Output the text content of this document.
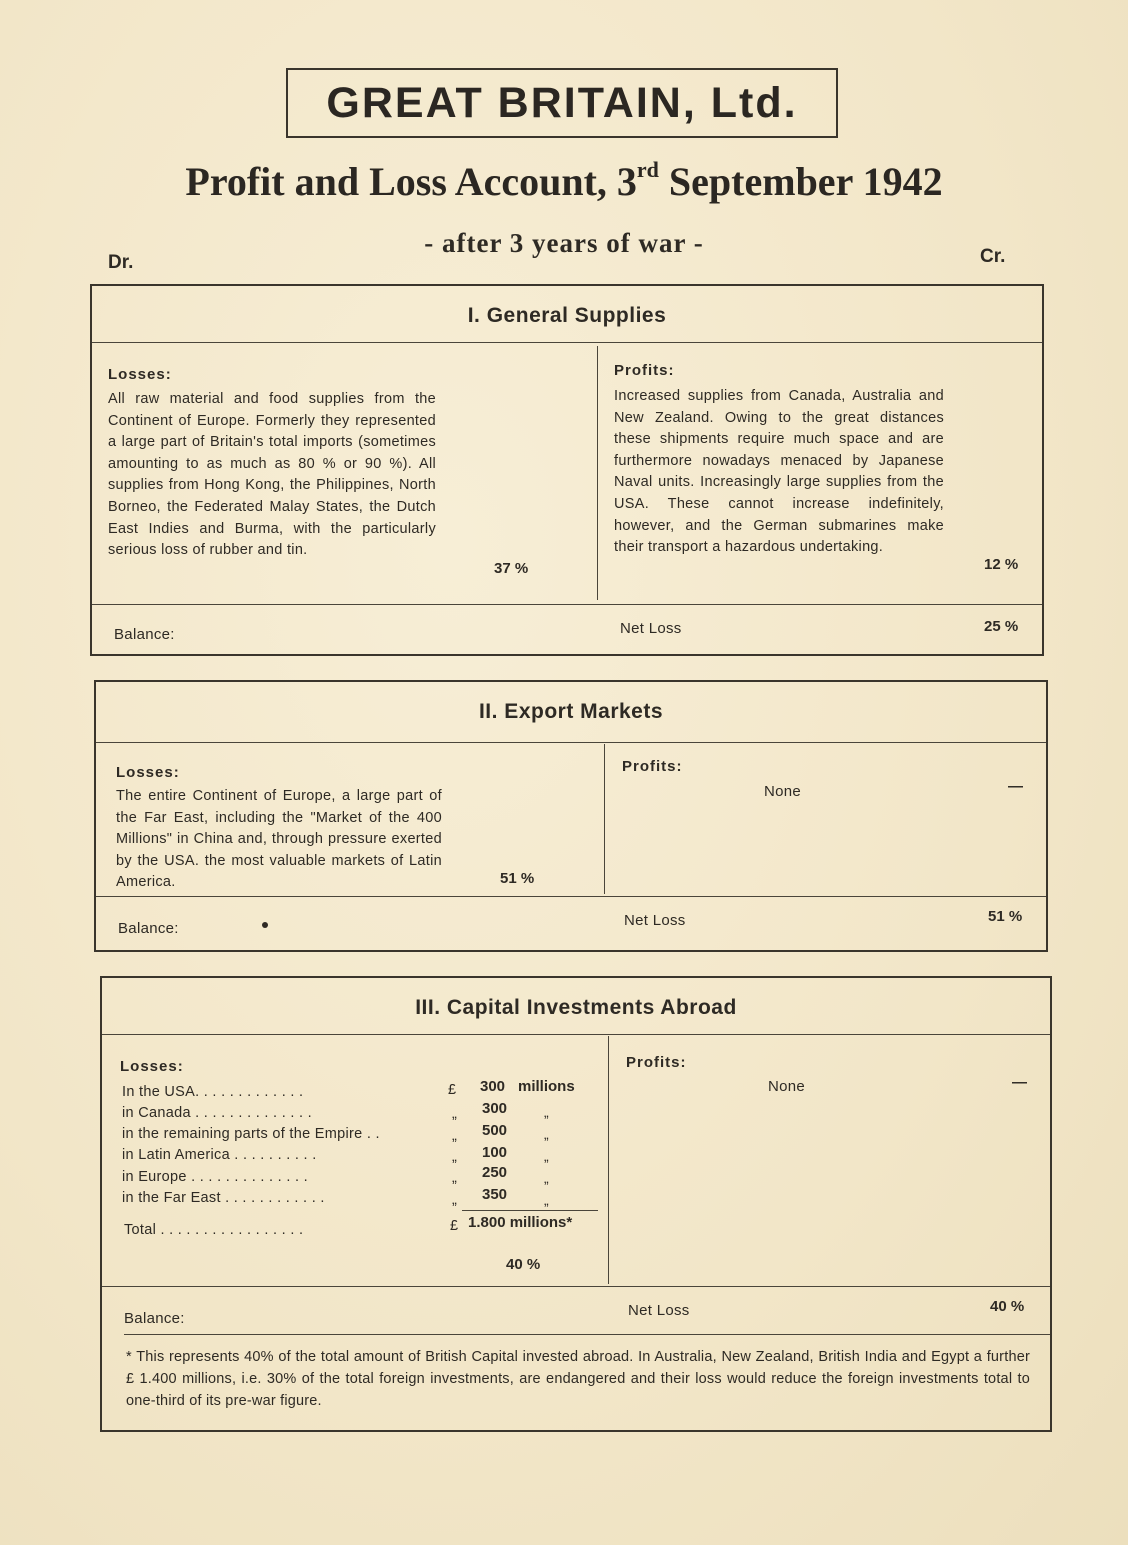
GREAT BRITAIN, Ltd.
Profit and Loss Account, 3rd September 1942
- after 3 years of war -
Dr.	Cr.
I. General Supplies
Losses:
All raw material and food supplies from the Continent of Europe. Formerly they represented a large part of Britain's total imports (sometimes amounting to as much as 80 % or 90 %). All supplies from Hong Kong, the Philippines, North Borneo, the Federated Malay States, the Dutch East Indies and Burma, with the particularly serious loss of rubber and tin.
37 %
Profits:
Increased supplies from Canada, Australia and New Zealand. Owing to the great distances these shipments require much space and are furthermore nowadays menaced by Japanese Naval units. Increasingly large supplies from the USA. These cannot increase indefinitely, however, and the German submarines make their transport a hazardous undertaking.
12 %
Balance:	Net Loss	25 %
II. Export Markets
Losses:
The entire Continent of Europe, a large part of the Far East, including the "Market of the 400 Millions" in China and, through pressure exerted by the USA. the most valuable markets of Latin America.	51 %
Profits:
None	—
Balance:	Net Loss	51 %
III. Capital Investments Abroad
Losses:
In the USA. . . . . . . . . . . . .	£ 300 millions
in Canada . . . . . . . . . . . . . .	„ 300	„
in the remaining parts of the Empire . .	„ 500	„
in Latin America . . . . . . . . . .	„ 100	„
in Europe . . . . . . . . . . . . . .	„ 250	„
in the Far East . . . . . . . . . . . .	„ 350	„
Total . . . . . . . . . . . . . . . . .	£ 1.800 millions*
40 %
Profits:
None	—
Balance:	Net Loss	40 %
* This represents 40% of the total amount of British Capital invested abroad. In Australia, New Zealand, British India and Egypt a further £ 1.400 millions, i.e. 30% of the total foreign investments, are endangered and their loss would reduce the foreign investments total to one-third of its pre-war figure.
